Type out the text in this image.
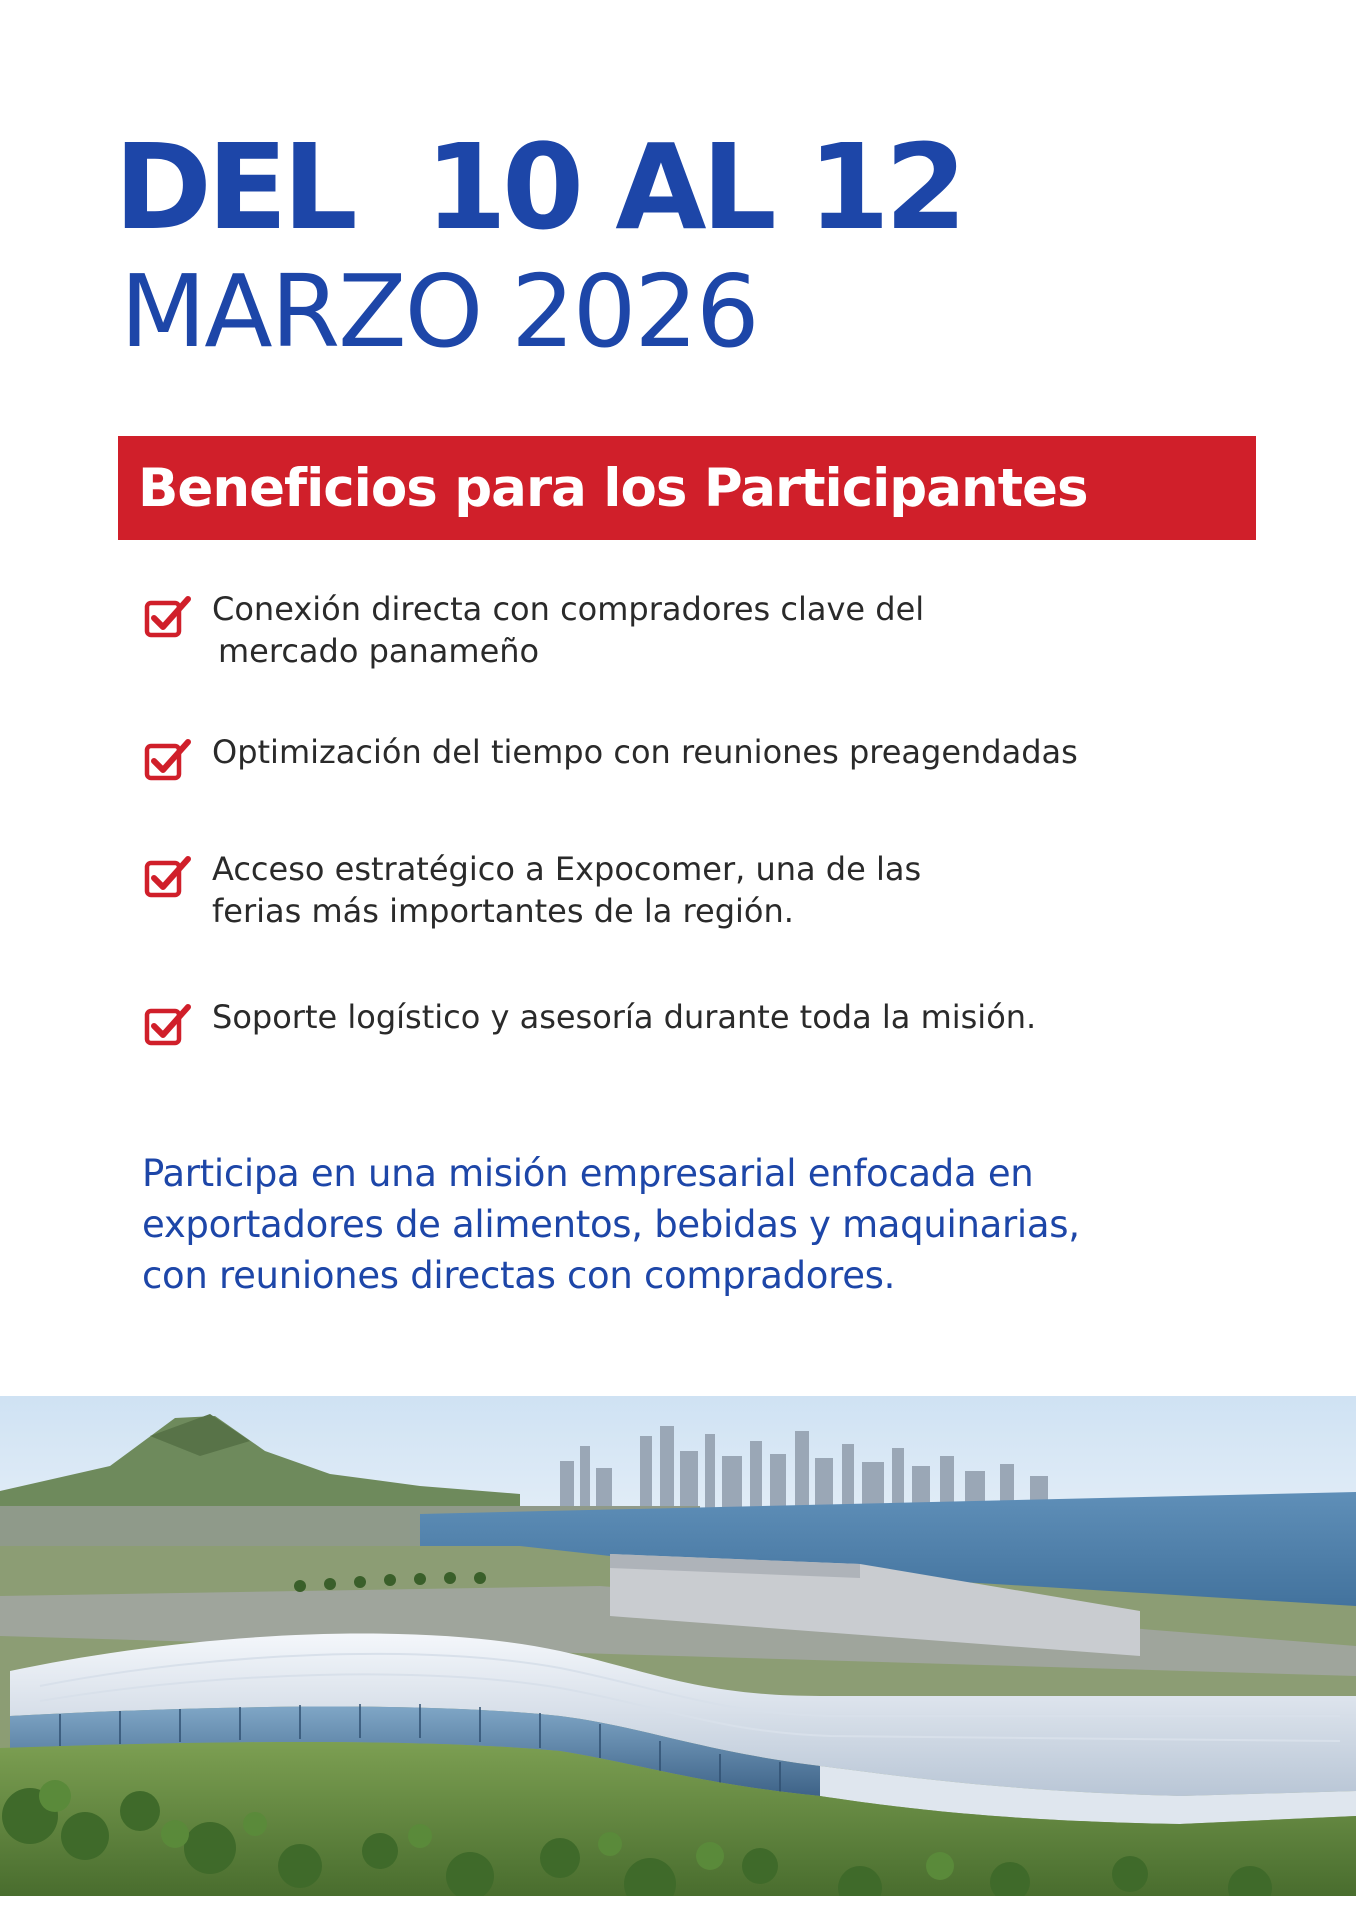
DEL  10 AL 12
MARZO 2026
Beneficios para los Participantes
Conexión directa con compradores clave del
mercado panameño
Optimización del tiempo con reuniones preagendadas
Acceso estratégico a Expocomer, una de las
ferias más importantes de la región.
Soporte logístico y asesoría durante toda la misión.
Participa en una misión empresarial enfocada en
exportadores de alimentos, bebidas y maquinarias,
con reuniones directas con compradores.
